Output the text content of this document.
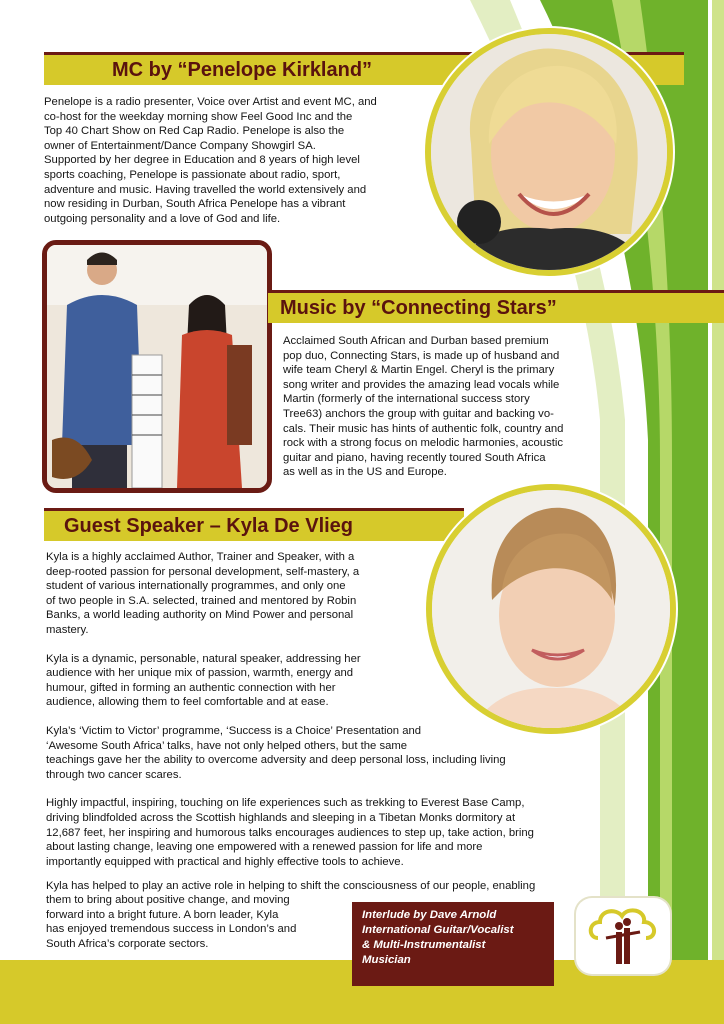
MC by “Penelope Kirkland”
Penelope is a radio presenter, Voice over Artist and event MC, and
co-host for the weekday morning show Feel Good Inc and the
Top 40 Chart Show on Red Cap Radio. Penelope is also the
owner of Entertainment/Dance Company Showgirl SA.
Supported by her degree in Education and 8 years of high level
sports coaching, Penelope is passionate about radio, sport,
adventure and music. Having travelled the world extensively and
now residing in Durban, South Africa Penelope has a vibrant
outgoing personality and a love of God and life.
Music by “Connecting Stars”
Acclaimed South African and Durban based premium
pop duo, Connecting Stars, is made up of husband and
wife team Cheryl & Martin Engel. Cheryl is the primary
song writer and provides the amazing lead vocals while
Martin (formerly of the international success story
Tree63) anchors the group with guitar and backing vo-
cals. Their music has hints of authentic folk, country and
rock with a strong focus on melodic harmonies, acoustic
guitar and piano, having recently toured South Africa
as well as in the US and Europe.
Guest Speaker – Kyla De Vlieg

Kyla is a highly acclaimed Author, Trainer and Speaker, with a
deep-rooted passion for personal development, self-mastery, a
student of various internationally programmes, and only one
of two people in S.A. selected, trained and mentored by Robin
Banks, a world leading authority on Mind Power and personal
mastery.

Kyla is a dynamic, personable, natural speaker, addressing her
audience with her unique mix of passion, warmth, energy and
humour, gifted in forming an authentic connection with her
audience, allowing them to feel comfortable and at ease.

Kyla’s ‘Victim to Victor’ programme, ‘Success is a Choice’ Presentation and
‘Awesome South Africa’ talks, have not only helped others, but the same
teachings gave her the ability to overcome adversity and deep personal loss, including living
through two cancer scares.

Highly impactful, inspiring, touching on life experiences such as trekking to Everest Base Camp,
driving blindfolded across the Scottish highlands and sleeping in a Tibetan Monks dormitory at
12,687 feet, her inspiring and humorous talks encourages audiences to step up, take action, bring
about lasting change, leaving one empowered with a renewed passion for life and more
importantly equipped with practical and highly effective tools to achieve.

Kyla has helped to play an active role in helping to shift the consciousness of our people, enabling
them to bring about positive change, and moving
forward into a bright future. A born leader, Kyla
has enjoyed tremendous success in London’s and
South Africa’s corporate sectors.
Interlude by Dave Arnold
International Guitar/Vocalist
& Multi-Instrumentalist
Musician
